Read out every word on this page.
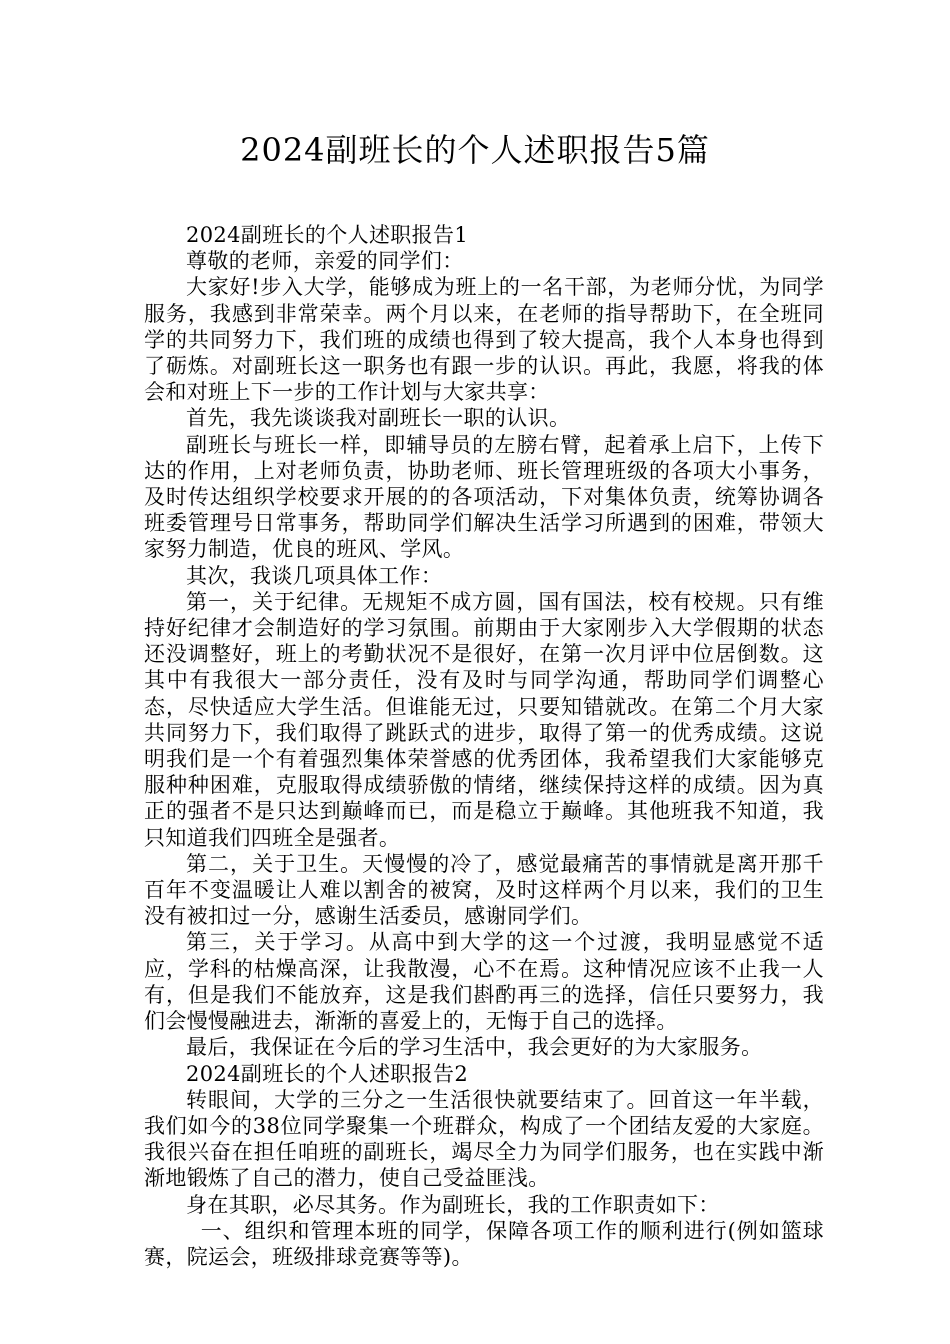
2024副班长的个人述职报告5篇

2024副班长的个人述职报告1

尊敬的老师，亲爱的同学们：

大家好!步入大学，能够成为班上的一名干部，为老师分忧，为同学服务，我感到非常荣幸。两个月以来，在老师的指导帮助下，在全班同学的共同努力下，我们班的成绩也得到了较大提高，我个人本身也得到了砺炼。对副班长这一职务也有跟一步的认识。再此，我愿，将我的体会和对班上下一步的工作计划与大家共享：

首先，我先谈谈我对副班长一职的认识。

副班长与班长一样，即辅导员的左膀右臂，起着承上启下，上传下达的作用，上对老师负责，协助老师、班长管理班级的各项大小事务，及时传达组织学校要求开展的的各项活动，下对集体负责，统筹协调各班委管理号日常事务，帮助同学们解决生活学习所遇到的困难，带领大家努力制造，优良的班风、学风。

其次，我谈几项具体工作：

第一，关于纪律。无规矩不成方圆，国有国法，校有校规。只有维持好纪律才会制造好的学习氛围。前期由于大家刚步入大学假期的状态还没调整好，班上的考勤状况不是很好，在第一次月评中位居倒数。这其中有我很大一部分责任，没有及时与同学沟通，帮助同学们调整心态，尽快适应大学生活。但谁能无过，只要知错就改。在第二个月大家共同努力下，我们取得了跳跃式的进步，取得了第一的优秀成绩。这说明我们是一个有着强烈集体荣誉感的优秀团体，我希望我们大家能够克服种种困难，克服取得成绩骄傲的情绪，继续保持这样的成绩。因为真正的强者不是只达到巅峰而已，而是稳立于巅峰。其他班我不知道，我只知道我们四班全是强者。

第二，关于卫生。天慢慢的冷了，感觉最痛苦的事情就是离开那千百年不变温暖让人难以割舍的被窝，及时这样两个月以来，我们的卫生没有被扣过一分，感谢生活委员，感谢同学们。

第三，关于学习。从高中到大学的这一个过渡，我明显感觉不适应，学科的枯燥高深，让我散漫，心不在焉。这种情况应该不止我一人有，但是我们不能放弃，这是我们斟酌再三的选择，信任只要努力，我们会慢慢融进去，渐渐的喜爱上的，无悔于自己的选择。

最后，我保证在今后的学习生活中，我会更好的为大家服务。

2024副班长的个人述职报告2

转眼间，大学的三分之一生活很快就要结束了。回首这一年半载，我们如今的38位同学聚集一个班群众，构成了一个团结友爱的大家庭。我很兴奋在担任咱班的副班长，竭尽全力为同学们服务，也在实践中渐渐地锻炼了自己的潜力，使自己受益匪浅。

身在其职，必尽其务。作为副班长，我的工作职责如下：

一、组织和管理本班的同学，保障各项工作的顺利进行(例如篮球赛，院运会，班级排球竞赛等等)。
